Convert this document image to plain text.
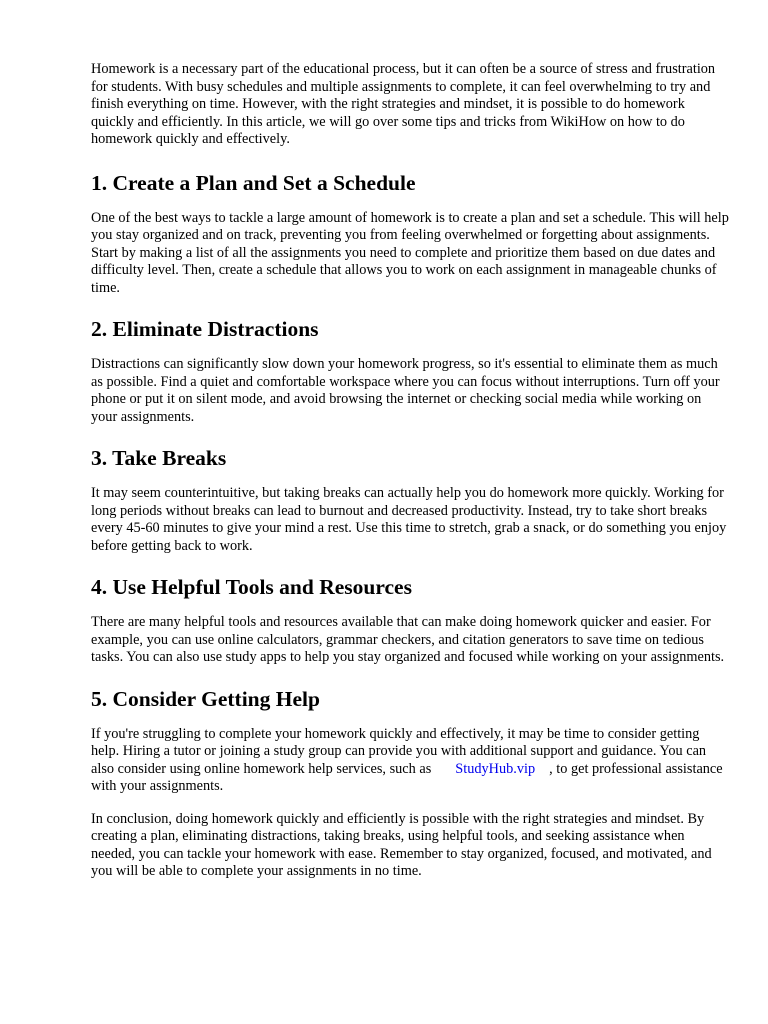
Homework is a necessary part of the educational process, but it can often be a source of stress and frustration for students. With busy schedules and multiple assignments to complete, it can feel overwhelming to try and finish everything on time. However, with the right strategies and mindset, it is possible to do homework quickly and efficiently. In this article, we will go over some tips and tricks from WikiHow on how to do homework quickly and effectively.

1. Create a Plan and Set a Schedule

One of the best ways to tackle a large amount of homework is to create a plan and set a schedule. This will help you stay organized and on track, preventing you from feeling overwhelmed or forgetting about assignments. Start by making a list of all the assignments you need to complete and prioritize them based on due dates and difficulty level. Then, create a schedule that allows you to work on each assignment in manageable chunks of time.

2. Eliminate Distractions

Distractions can significantly slow down your homework progress, so it's essential to eliminate them as much as possible. Find a quiet and comfortable workspace where you can focus without interruptions. Turn off your phone or put it on silent mode, and avoid browsing the internet or checking social media while working on your assignments.

3. Take Breaks

It may seem counterintuitive, but taking breaks can actually help you do homework more quickly. Working for long periods without breaks can lead to burnout and decreased productivity. Instead, try to take short breaks every 45-60 minutes to give your mind a rest. Use this time to stretch, grab a snack, or do something you enjoy before getting back to work.

4. Use Helpful Tools and Resources

There are many helpful tools and resources available that can make doing homework quicker and easier. For example, you can use online calculators, grammar checkers, and citation generators to save time on tedious tasks. You can also use study apps to help you stay organized and focused while working on your assignments.

5. Consider Getting Help

If you're struggling to complete your homework quickly and effectively, it may be time to consider getting help. Hiring a tutor or joining a study group can provide you with additional support and guidance. You can also consider using online homework help services, such as StudyHub.vip , to get professional assistance with your assignments.

In conclusion, doing homework quickly and efficiently is possible with the right strategies and mindset. By creating a plan, eliminating distractions, taking breaks, using helpful tools, and seeking assistance when needed, you can tackle your homework with ease. Remember to stay organized, focused, and motivated, and you will be able to complete your assignments in no time.
